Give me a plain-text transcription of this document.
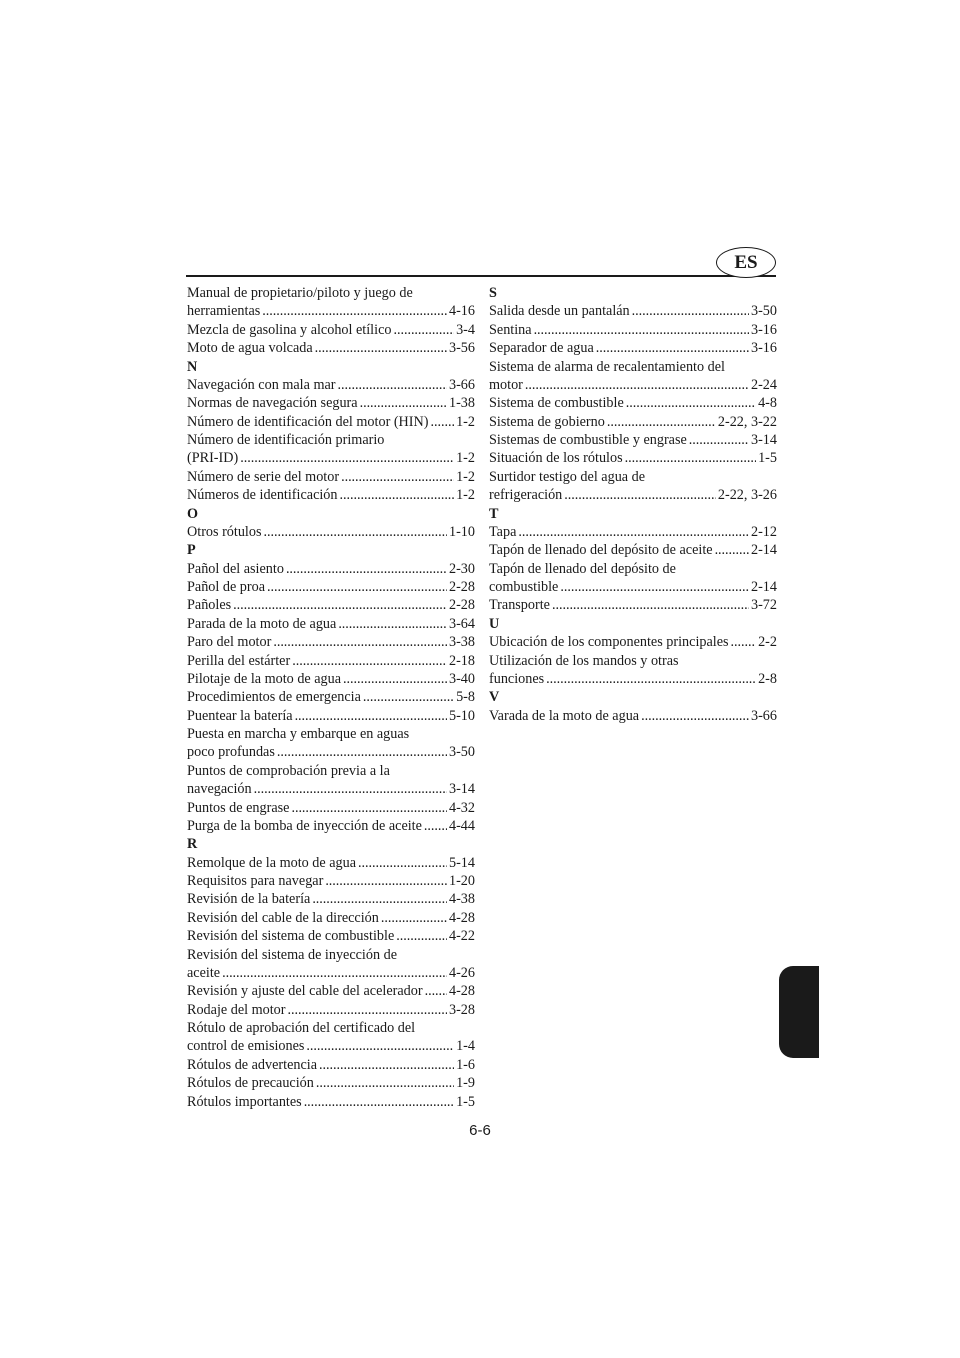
ES
Manual de propietario/piloto y juego de
herramientas . . .	4-16
Mezcla de gasolina y alcohol etílico . . .	3-4
Moto de agua volcada . . .	3-56
N
Navegación con mala mar . . .	3-66
Normas de navegación segura . . .	1-38
Número de identificación del motor (HIN) . . . 1-2
Número de identificación primario
(PRI-ID) . . .	1-2
Número de serie del motor . . .	1-2
Números de identificación . . .	1-2
O
Otros rótulos . . .	1-10
P
Pañol del asiento . . .	2-30
Pañol de proa . . .	2-28
Pañoles . . .	2-28
Parada de la moto de agua . . .	3-64
Paro del motor . . .	3-38
Perilla del estárter . . .	2-18
Pilotaje de la moto de agua . . .	3-40
Procedimientos de emergencia . . .	5-8
Puentear la batería . . .	5-10
Puesta en marcha y embarque en aguas
poco profundas . . .	3-50
Puntos de comprobación previa a la
navegación . . .	3-14
Puntos de engrase . . .	4-32
Purga de la bomba de inyección de aceite . . . 4-44
R
Remolque de la moto de agua . . .	5-14
Requisitos para navegar . . .	1-20
Revisión de la batería . . .	4-38
Revisión del cable de la dirección . . .	4-28
Revisión del sistema de combustible . . .	4-22
Revisión del sistema de inyección de
aceite . . .	4-26
Revisión y ajuste del cable del acelerador . . . 4-28
Rodaje del motor . . .	3-28
Rótulo de aprobación del certificado del
control de emisiones . . .	1-4
Rótulos de advertencia . . .	1-6
Rótulos de precaución . . .	1-9
Rótulos importantes . . .	1-5
S
Salida desde un pantalán . . .	3-50
Sentina . . .	3-16
Separador de agua . . .	3-16
Sistema de alarma de recalentamiento del
motor . . .	2-24
Sistema de combustible . . .	4-8
Sistema de gobierno . . .	2-22, 3-22
Sistemas de combustible y engrase . . .	3-14
Situación de los rótulos . . .	1-5
Surtidor testigo del agua de
refrigeración . . .	2-22, 3-26
T
Tapa . . .	2-12
Tapón de llenado del depósito de aceite . . .	2-14
Tapón de llenado del depósito de
combustible . . .	2-14
Transporte . . .	3-72
U
Ubicación de los componentes principales . . . 2-2
Utilización de los mandos y otras
funciones . . .	2-8
V
Varada de la moto de agua . . .	3-66
6-6
